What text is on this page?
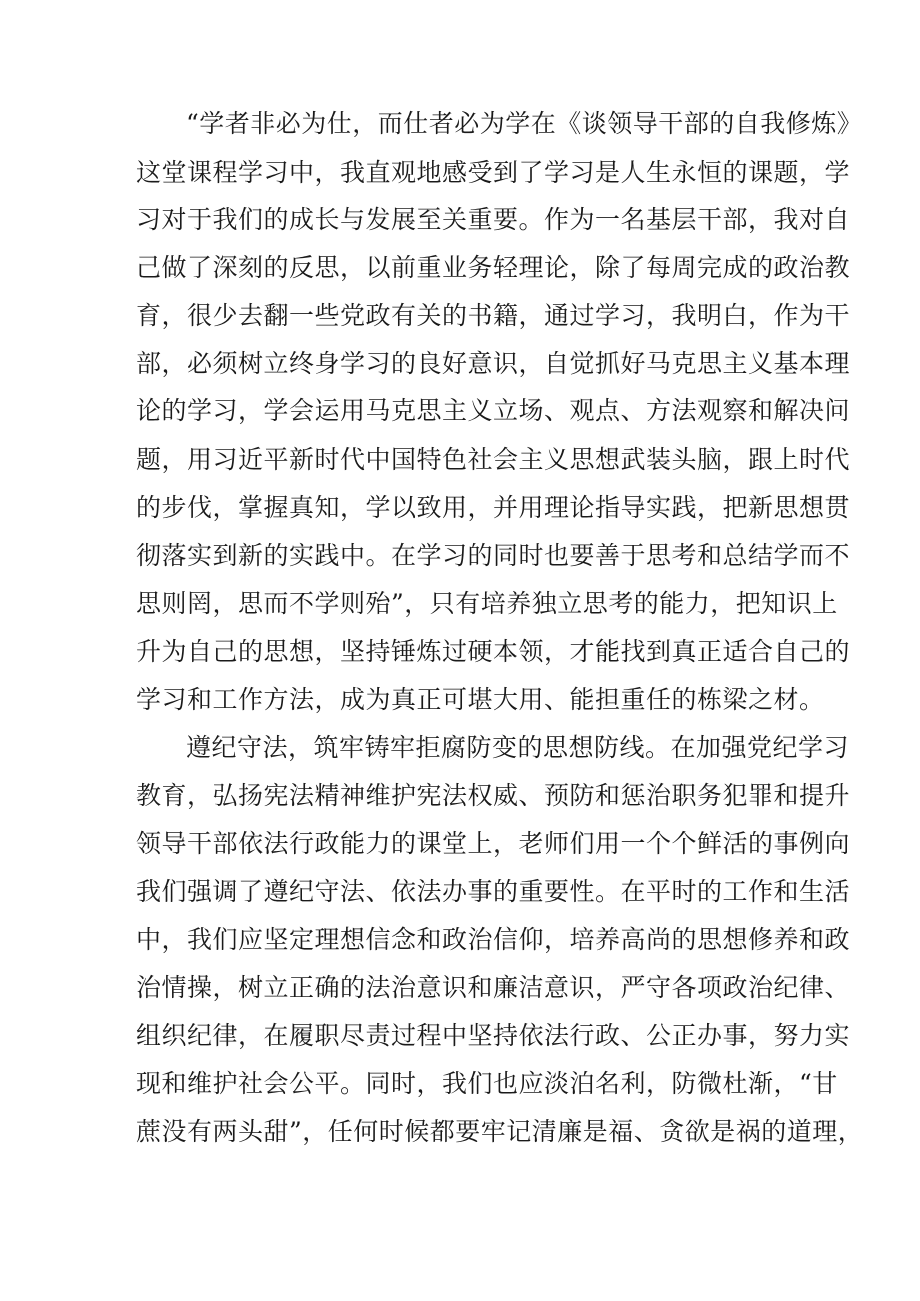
“学者非必为仕，而仕者必为学在《谈领导干部的自我修炼》
这堂课程学习中，我直观地感受到了学习是人生永恒的课题，学
习对于我们的成长与发展至关重要。作为一名基层干部，我对自
己做了深刻的反思，以前重业务轻理论，除了每周完成的政治教
育，很少去翻一些党政有关的书籍，通过学习，我明白，作为干
部，必须树立终身学习的良好意识，自觉抓好马克思主义基本理
论的学习，学会运用马克思主义立场、观点、方法观察和解决问
题，用习近平新时代中国特色社会主义思想武装头脑，跟上时代
的步伐，掌握真知，学以致用，并用理论指导实践，把新思想贯
彻落实到新的实践中。在学习的同时也要善于思考和总结学而不
思则罔，思而不学则殆”，只有培养独立思考的能力，把知识上
升为自己的思想，坚持锤炼过硬本领，才能找到真正适合自己的
学习和工作方法，成为真正可堪大用、能担重任的栋梁之材。
遵纪守法，筑牢铸牢拒腐防变的思想防线。在加强党纪学习
教育，弘扬宪法精神维护宪法权威、预防和惩治职务犯罪和提升
领导干部依法行政能力的课堂上，老师们用一个个鲜活的事例向
我们强调了遵纪守法、依法办事的重要性。在平时的工作和生活
中，我们应坚定理想信念和政治信仰，培养高尚的思想修养和政
治情操，树立正确的法治意识和廉洁意识，严守各项政治纪律、
组织纪律，在履职尽责过程中坚持依法行政、公正办事，努力实
现和维护社会公平。同时，我们也应淡泊名利，防微杜渐，“甘
蔗没有两头甜”，任何时候都要牢记清廉是福、贪欲是祸的道理，
